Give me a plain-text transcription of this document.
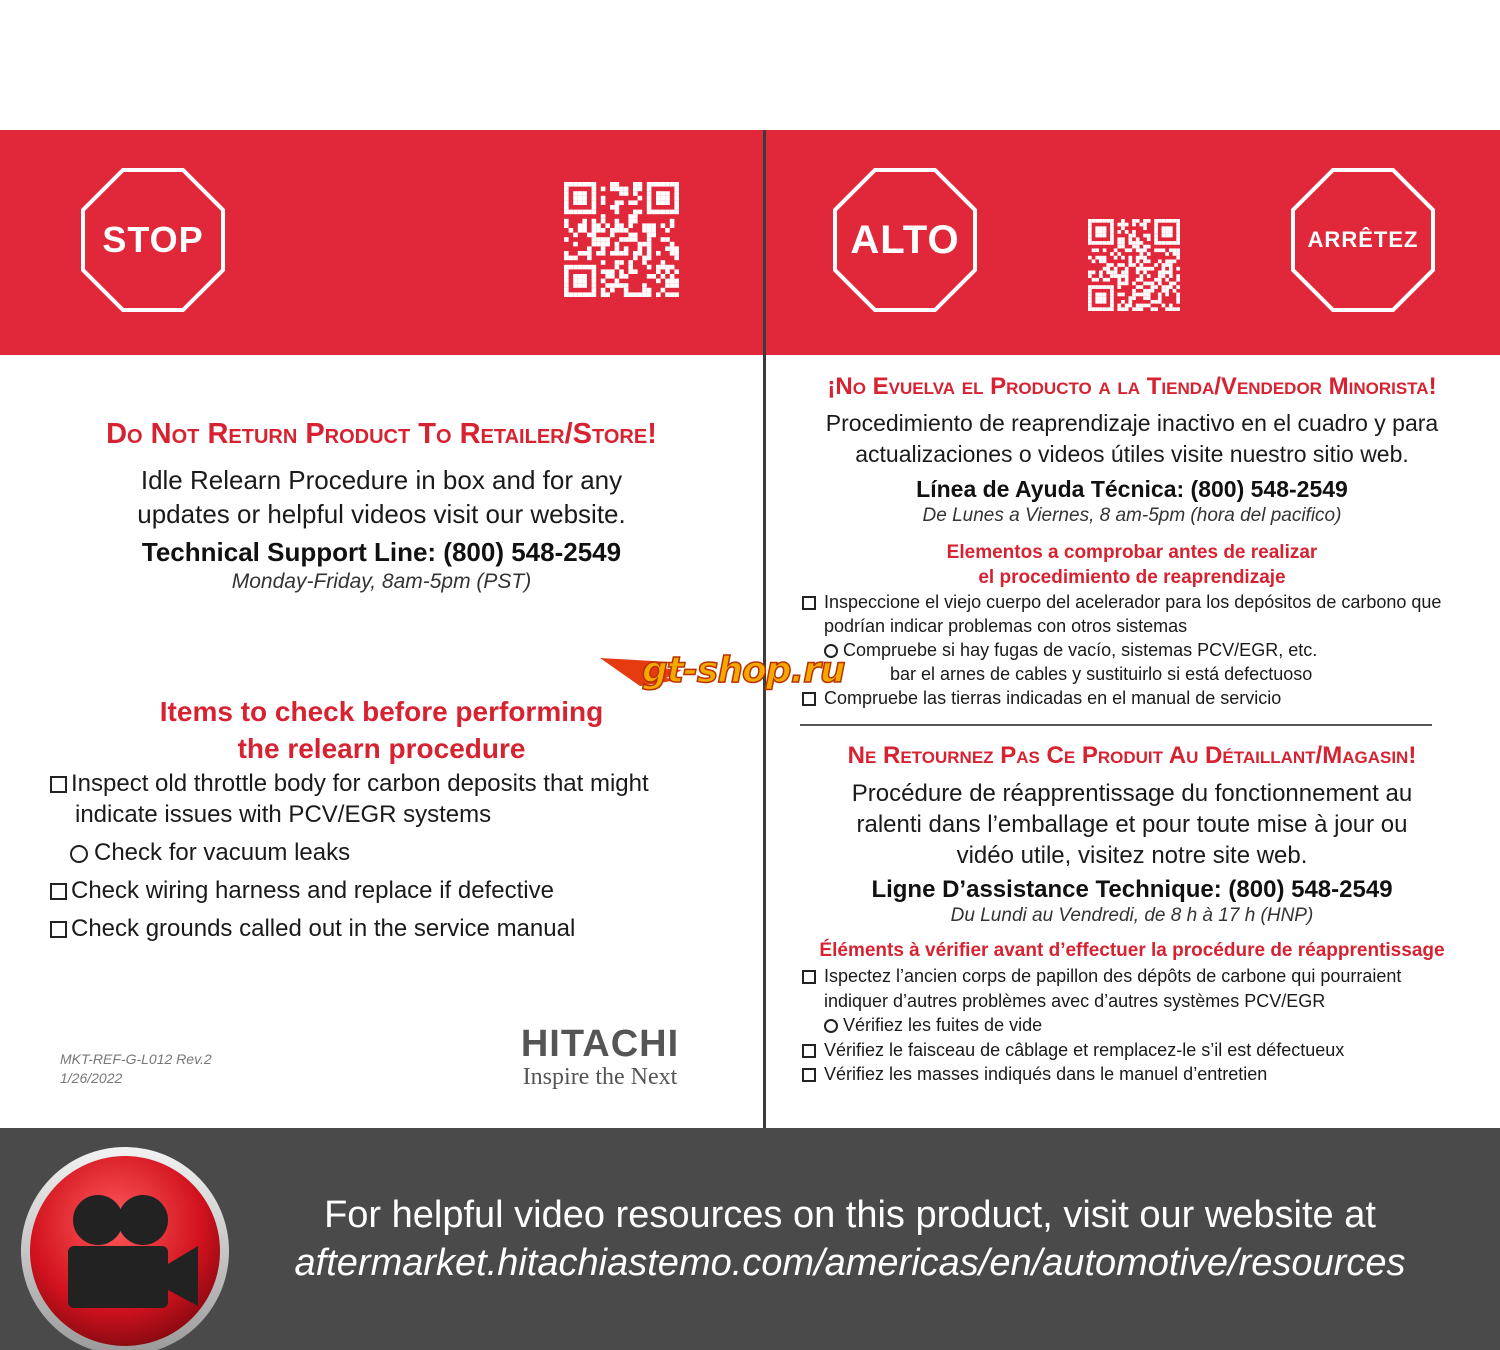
STOP	ALTO	ARRÊTEZ
Do Not Return Product To Retailer/Store!
Idle Relearn Procedure in box and for any
updates or helpful videos visit our website.
Technical Support Line: (800) 548-2549
Monday-Friday, 8am-5pm (PST)
Items to check before performing
the relearn procedure
Inspect old throttle body for carbon deposits that might
indicate issues with PCV/EGR systems
Check for vacuum leaks
Check wiring harness and replace if defective
Check grounds called out in the service manual
MKT-REF-G-L012 Rev.2
1/26/2022
HITACHI
Inspire the Next
¡No Evuelva el Producto a la Tienda/Vendedor Minorista!
Procedimiento de reaprendizaje inactivo en el cuadro y para
actualizaciones o videos útiles visite nuestro sitio web.
Línea de Ayuda Técnica: (800) 548-2549
De Lunes a Viernes, 8 am-5pm (hora del pacifico)
Elementos a comprobar antes de realizar
el procedimiento de reaprendizaje
Inspeccione el viejo cuerpo del acelerador para los depósitos de carbono que
podrían indicar problemas con otros sistemas
Compruebe si hay fugas de vacío, sistemas PCV/EGR, etc.
bar el arnes de cables y sustituirlo si está defectuoso
Compruebe las tierras indicadas en el manual de servicio
gt-shop.ru
Ne Retournez Pas Ce Produit Au Détaillant/Magasin!
Procédure de réapprentissage du fonctionnement au
ralenti dans l’emballage et pour toute mise à jour ou
vidéo utile, visitez notre site web.
Ligne D’assistance Technique: (800) 548-2549
Du Lundi au Vendredi, de 8 h à 17 h (HNP)
Éléments à vérifier avant d’effectuer la procédure de réapprentissage
Ispectez l’ancien corps de papillon des dépôts de carbone qui pourraient
indiquer d’autres problèmes avec d’autres systèmes PCV/EGR
Vérifiez les fuites de vide
Vérifiez le faisceau de câblage et remplacez-le s’il est défectueux
Vérifiez les masses indiqués dans le manuel d’entretien
For helpful video resources on this product, visit our website at
aftermarket.hitachiastemo.com/americas/en/automotive/resources
